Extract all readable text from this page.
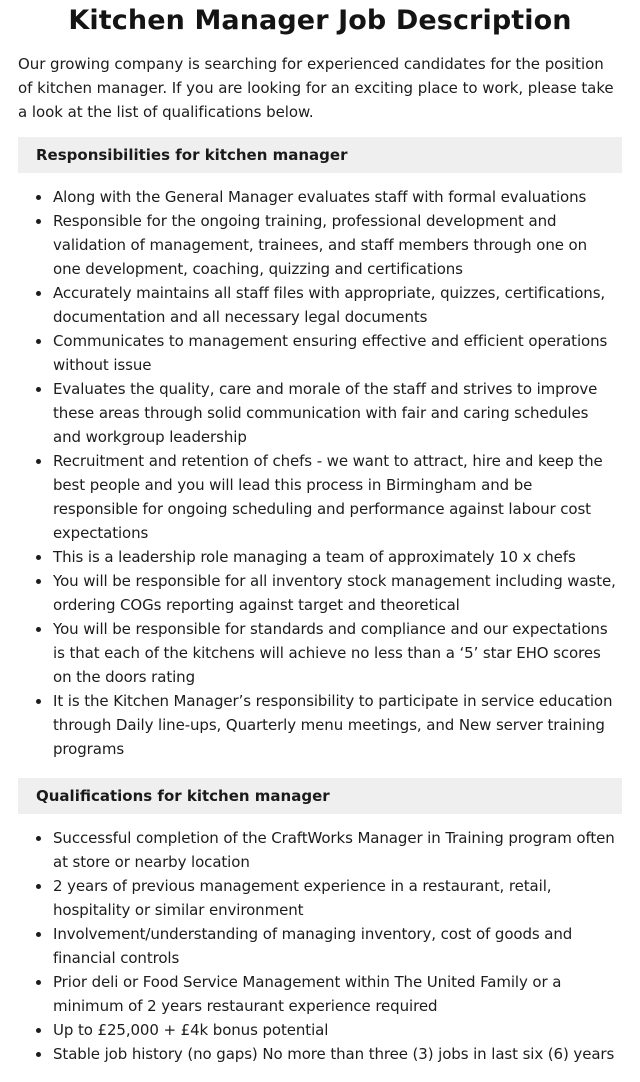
Kitchen Manager Job Description

Our growing company is searching for experienced candidates for the position of kitchen manager. If you are looking for an exciting place to work, please take a look at the list of qualifications below.

Responsibilities for kitchen manager
Along with the General Manager evaluates staff with formal evaluations
Responsible for the ongoing training, professional development and validation of management, trainees, and staff members through one on one development, coaching, quizzing and certifications
Accurately maintains all staff files with appropriate, quizzes, certifications, documentation and all necessary legal documents
Communicates to management ensuring effective and efficient operations without issue
Evaluates the quality, care and morale of the staff and strives to improve these areas through solid communication with fair and caring schedules and workgroup leadership
Recruitment and retention of chefs - we want to attract, hire and keep the best people and you will lead this process in Birmingham and be responsible for ongoing scheduling and performance against labour cost expectations
This is a leadership role managing a team of approximately 10 x chefs
You will be responsible for all inventory stock management including waste, ordering COGs reporting against target and theoretical
You will be responsible for standards and compliance and our expectations is that each of the kitchens will achieve no less than a ‘5’ star EHO scores on the doors rating
It is the Kitchen Manager’s responsibility to participate in service education through Daily line-ups, Quarterly menu meetings, and New server training programs
Qualifications for kitchen manager
Successful completion of the CraftWorks Manager in Training program often at store or nearby location
2 years of previous management experience in a restaurant, retail, hospitality or similar environment
Involvement/understanding of managing inventory, cost of goods and financial controls
Prior deli or Food Service Management within The United Family or a minimum of 2 years restaurant experience required
Up to £25,000 + £4k bonus potential
Stable job history (no gaps) No more than three (3) jobs in last six (6) years
